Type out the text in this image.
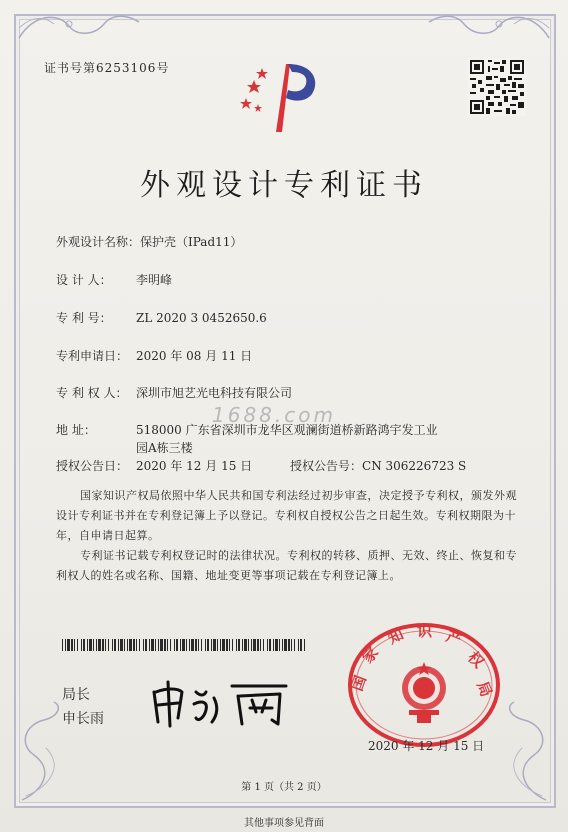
证书号第6253106号
外观设计专利证书
外观设计名称：保护壳（IPad11）
设 计 人： 李明峰
专 利 号： ZL 2020 3 0452650.6
专利申请日： 2020 年 08 月 11 日
专 利 权 人： 深圳市旭艺光电科技有限公司
地 址：	518000 广东省深圳市龙华区观澜街道桥新路鸿宇发工业
园A栋三楼
授权公告日： 2020 年 12 月 15 日	授权公告号：CN 306226723 S
1688.com
国家知识产权局依照中华人民共和国专利法经过初步审查，决定授予专利权，颁发外观设计专利证书并在专利登记簿上予以登记。专利权自授权公告之日起生效。专利权期限为十年，自申请日起算。
专利证书记载专利权登记时的法律状况。专利权的转移、质押、无效、终止、恢复和专利权人的姓名或名称、国籍、地址变更等事项记载在专利登记簿上。
局长
申长雨
国
家
知 识 产
权
局
2020 年 12 月 15 日
第 1 页（共 2 页）
其他事项参见背面
